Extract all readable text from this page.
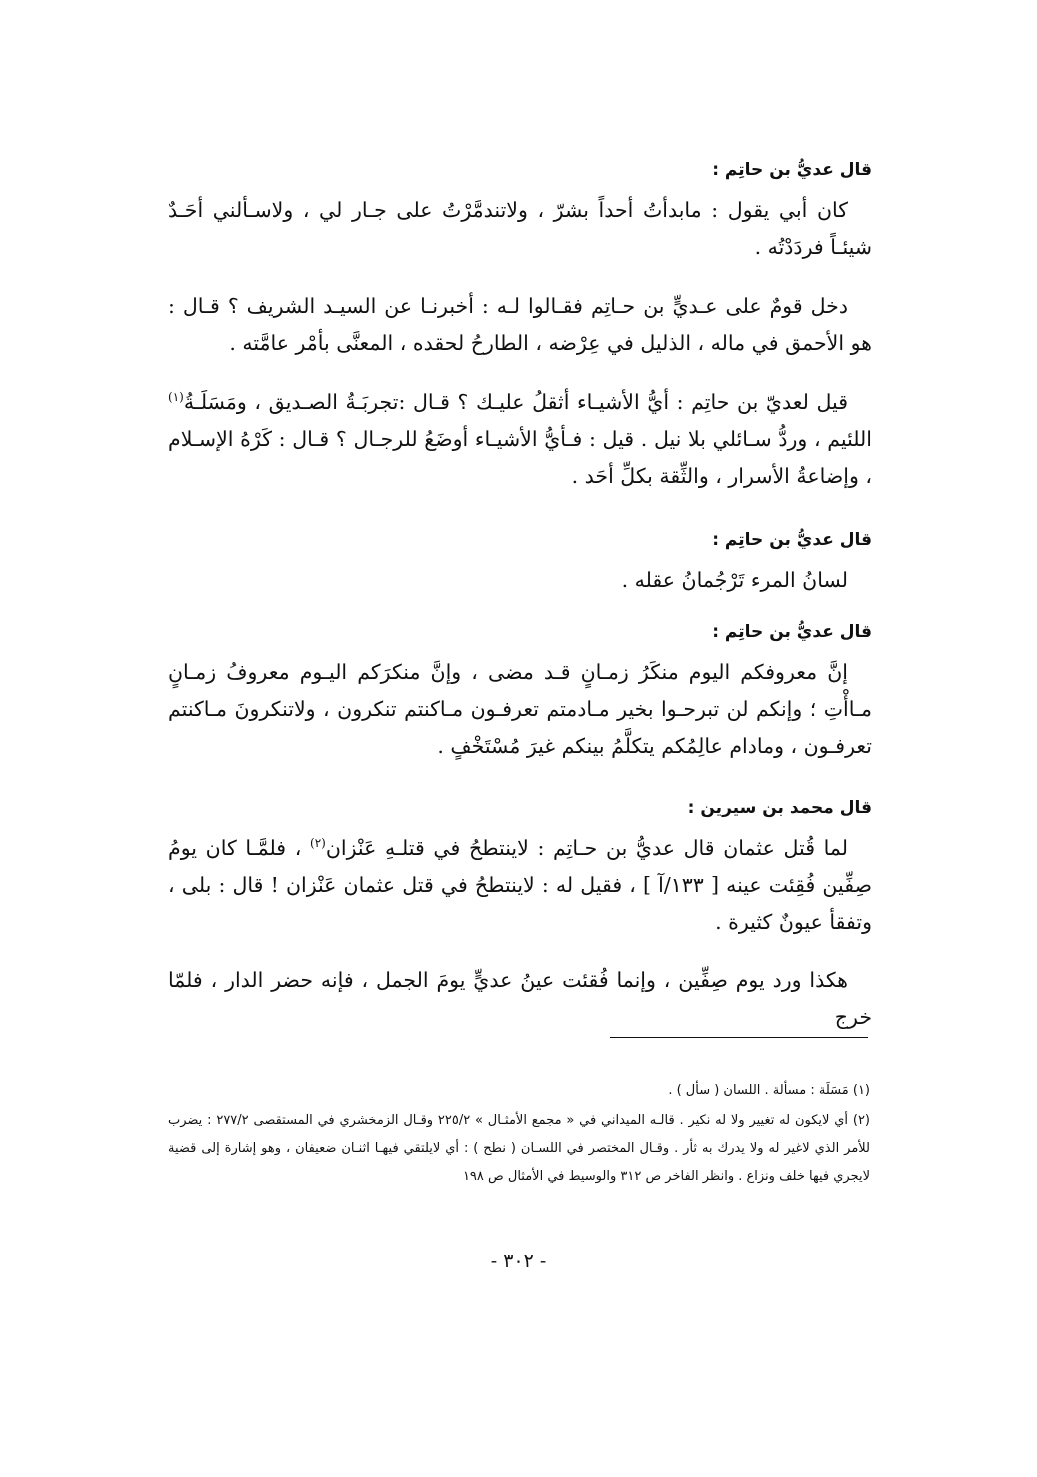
قال عديُّ بن حاتِم :
كان أبي يقول : مابدأتُ أحداً بشرّ ، ولاتندمَّرْتُ على جـار لي ، ولاسـألني أحَـدٌ شيئـاً فردَدْتُه .
دخل قومٌ على عـديٍّ بن حـاتِم فقـالوا لـه : أخبرنـا عن السيـد الشريف ؟ قـال : هو الأحمق في ماله ، الذليل في عِرْضه ، الطارحُ لحقده ، المعنَّى بأمْر عامَّته .
قيل لعديّ بن حاتِم : أيُّ الأشيـاء أثقلُ عليـك ؟ قـال :تجربَـةُ الصـديق ، ومَسَلَـةُ$^{(١)}$ اللئيم ، وردُّ سـائلي بلا نيل . قيل : فـأيُّ الأشيـاء أوضَعُ للرجـال ؟ قـال : كَرْهُ الإسـلام ، وإضاعةُ الأسرار ، والثِّقة بكلِّ أحَد .
قال عديُّ بن حاتِم :
لسانُ المرء تَرْجُمانُ عقله .
قال عديُّ بن حاتِم :
إنَّ معروفكم اليوم منكَرُ زمـانٍ قـد مضى ، وإنَّ منكرَكم اليـوم معروفُ زمـانٍ مـاأْتِ ؛ وإنكم لن تبرحـوا بخير مـادمتم تعرفـون مـاكنتم تنكرون ، ولاتنكرونَ مـاكنتم تعرفـون ، ومادام عالِمُكم يتكلَّمُ بينكم غيرَ مُسْتَخْفٍ .
قال محمد بن سيرين :
لما قُتل عثمان قال عديُّ بن حـاتِم : لاينتطحُ في قتلـهِ عَنْزان$^{(٢)}$ ، فلمَّـا كان يومُ صِفِّين فُقِئت عينه [ ١٣٣/آ ] ، فقيل له : لاينتطحُ في قتل عثمان عَنْزان ! قال : بلى ، وتفقأ عيونٌ كثيرة .
هكذا ورد يوم صِفِّين ، وإنما فُقئت عينُ عديٍّ يومَ الجمل ، فإنه حضر الدار ، فلمّا خرج
(١) مَسَلَة : مسألة . اللسان ( سأل ) .
(٢) أي لايكون له تغيير ولا له نكير . قالـه الميداني في « مجمع الأمثـال » ٢٢٥/٢ وقـال الزمخشري في المستقصى ٢٧٧/٢ : يضرب للأمر الذي لاغير له ولا يدرك به ثأر . وقـال المختصر في اللسـان ( نطح ) : أي لايلتقي فيهـا اثنـان ضعيفان ، وهو إشارة إلى قضية لايجري فيها خلف ونزاع . وانظر الفاخر ص ٣١٢ والوسيط في الأمثال ص ١٩٨
- ٣٠٢ -
